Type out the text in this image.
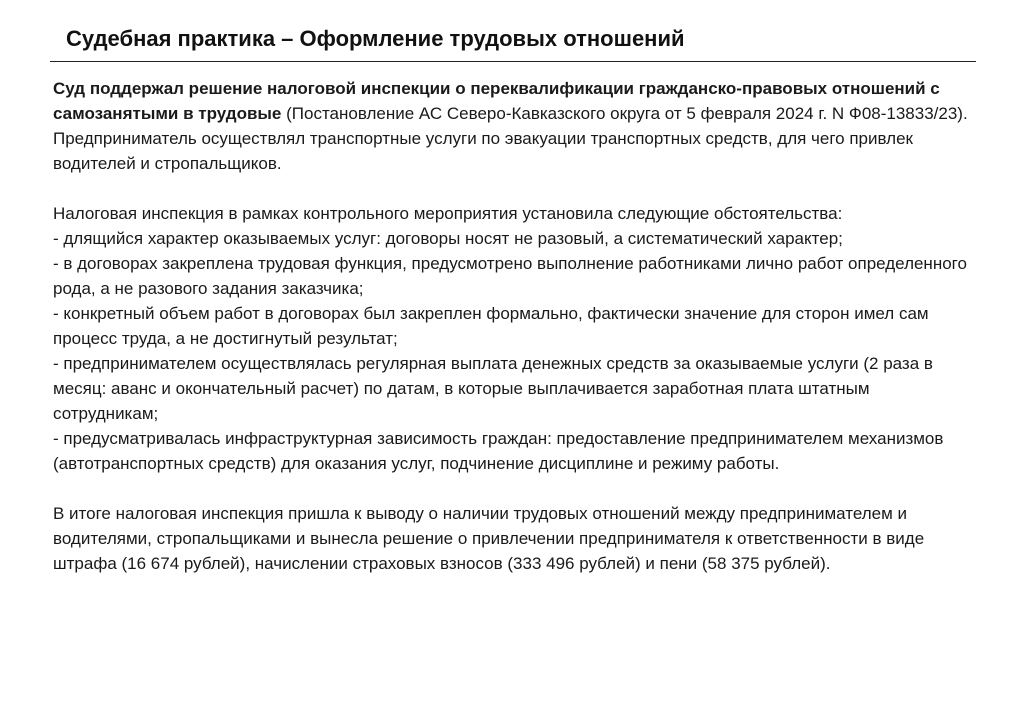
Судебная практика – Оформление трудовых отношений

Суд поддержал решение налоговой инспекции о переквалификации гражданско-правовых отношений с самозанятыми в трудовые (Постановление АС Северо-Кавказского округа от 5 февраля 2024 г. N Ф08-13833/23). Предприниматель осуществлял транспортные услуги по эвакуации транспортных средств, для чего привлек водителей и стропальщиков.

Налоговая инспекция в рамках контрольного мероприятия установила следующие обстоятельства:

- длящийся характер оказываемых услуг: договоры носят не разовый, а систематический характер;

- в договорах закреплена трудовая функция, предусмотрено выполнение работниками лично работ определенного рода, а не разового задания заказчика;

- конкретный объем работ в договорах был закреплен формально, фактически значение для сторон имел сам процесс труда, а не достигнутый результат;

- предпринимателем осуществлялась регулярная выплата денежных средств за оказываемые услуги (2 раза в месяц: аванс и окончательный расчет) по датам, в которые выплачивается заработная плата штатным сотрудникам;

- предусматривалась инфраструктурная зависимость граждан: предоставление предпринимателем механизмов (автотранспортных средств) для оказания услуг, подчинение дисциплине и режиму работы.

В итоге налоговая инспекция пришла к выводу о наличии трудовых отношений между предпринимателем и водителями, стропальщиками и вынесла решение о привлечении предпринимателя к ответственности в виде штрафа (16 674 рублей), начислении страховых взносов (333 496 рублей) и пени (58 375 рублей).
